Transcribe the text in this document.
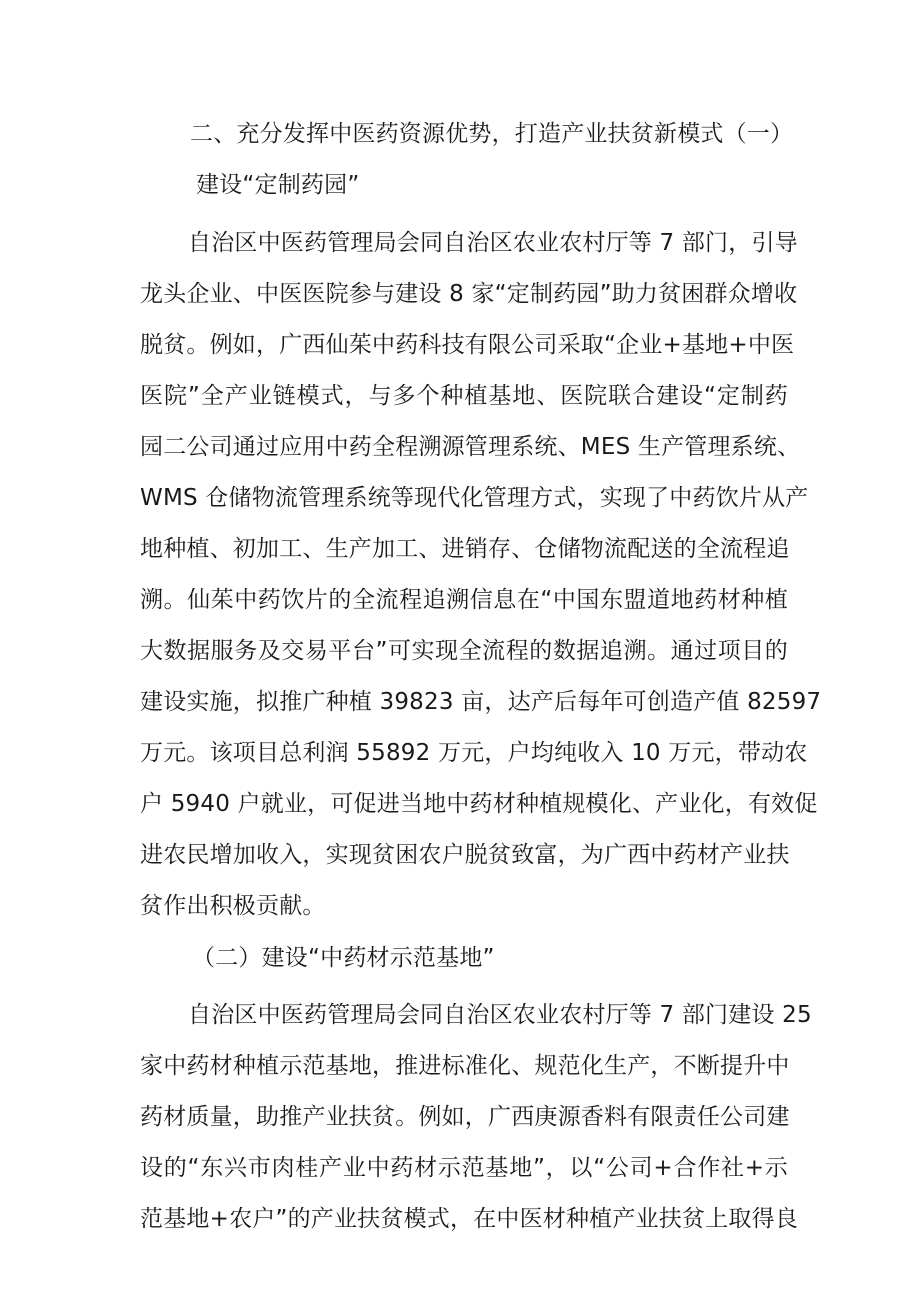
二、充分发挥中医药资源优势，打造产业扶贫新模式（一）
建设“定制药园”
自治区中医药管理局会同自治区农业农村厅等 7 部门，引导
龙头企业、中医医院参与建设 8 家“定制药园”助力贫困群众增收
脱贫。例如，广西仙茱中药科技有限公司采取“企业+基地+中医
医院”全产业链模式，与多个种植基地、医院联合建设“定制药
园二公司通过应用中药全程溯源管理系统、MES 生产管理系统、
WMS 仓储物流管理系统等现代化管理方式，实现了中药饮片从产
地种植、初加工、生产加工、进销存、仓储物流配送的全流程追
溯。仙茱中药饮片的全流程追溯信息在“中国东盟道地药材种植
大数据服务及交易平台”可实现全流程的数据追溯。通过项目的
建设实施，拟推广种植 39823 亩，达产后每年可创造产值 82597
万元。该项目总利润 55892 万元，户均纯收入 10 万元，带动农
户 5940 户就业，可促进当地中药材种植规模化、产业化，有效促
进农民增加收入，实现贫困农户脱贫致富，为广西中药材产业扶
贫作出积极贡献。
（二）建设“中药材示范基地”
自治区中医药管理局会同自治区农业农村厅等 7 部门建设 25
家中药材种植示范基地，推进标准化、规范化生产，不断提升中
药材质量，助推产业扶贫。例如，广西庚源香料有限责任公司建
设的“东兴市肉桂产业中药材示范基地”，以“公司+合作社+示
范基地+农户”的产业扶贫模式，在中医材种植产业扶贫上取得良
